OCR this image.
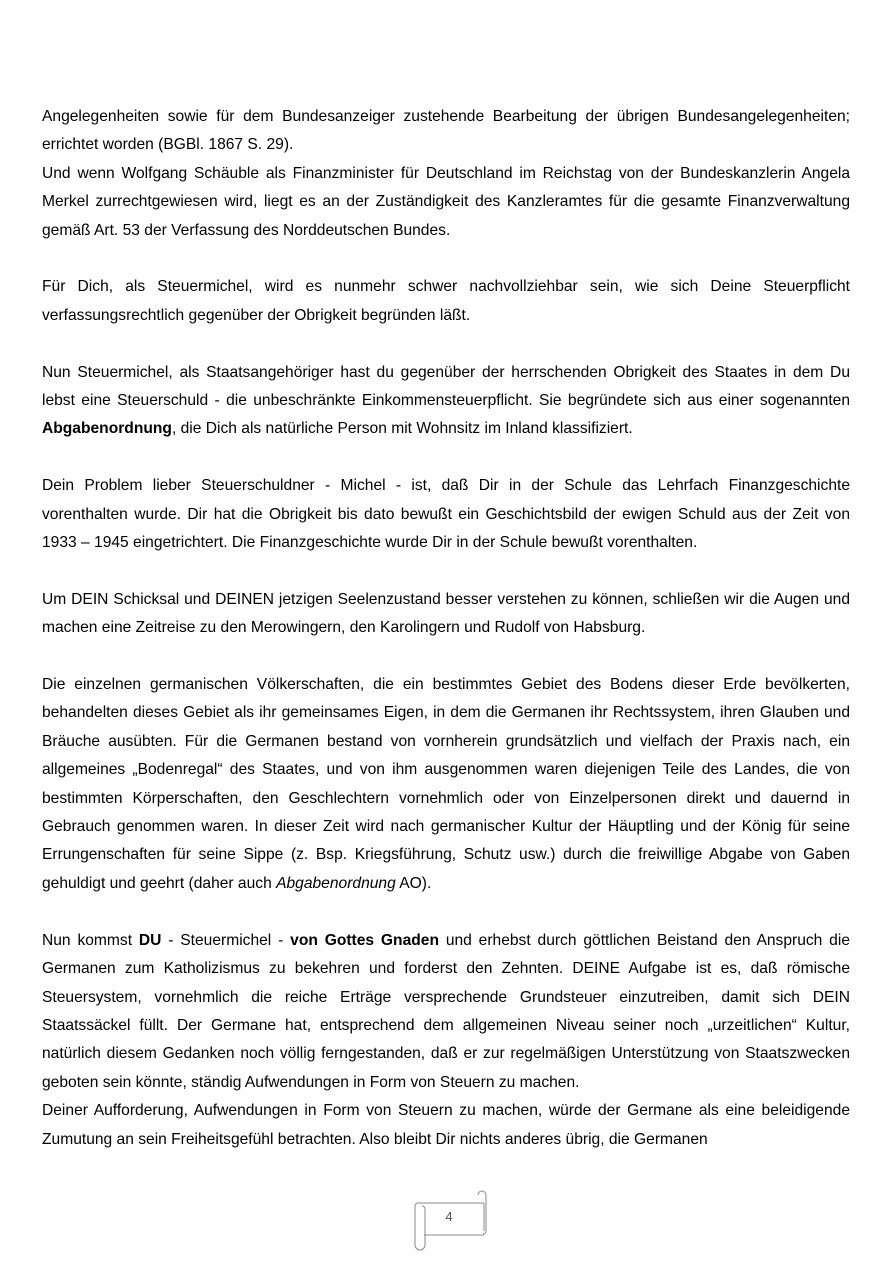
Angelegenheiten sowie für dem Bundesanzeiger zustehende Bearbeitung der übrigen Bundesangelegenheiten; errichtet worden (BGBl. 1867 S. 29).

Und wenn Wolfgang Schäuble als Finanzminister für Deutschland im Reichstag von der Bundeskanzlerin Angela Merkel zurrechtgewiesen wird, liegt es an der Zuständigkeit des Kanzleramtes für die gesamte Finanzverwaltung gemäß Art. 53 der Verfassung des Norddeutschen Bundes.

Für Dich, als Steuermichel, wird es nunmehr schwer nachvollziehbar sein, wie sich Deine Steuerpflicht verfassungsrechtlich gegenüber der Obrigkeit begründen läßt.

Nun Steuermichel, als Staatsangehöriger hast du gegenüber der herrschenden Obrigkeit des Staates in dem Du lebst eine Steuerschuld - die unbeschränkte Einkommensteuerpflicht. Sie begründete sich aus einer sogenannten Abgabenordnung, die Dich als natürliche Person mit Wohnsitz im Inland klassifiziert.

Dein Problem lieber Steuerschuldner - Michel - ist, daß Dir in der Schule das Lehrfach Finanzgeschichte vorenthalten wurde. Dir hat die Obrigkeit bis dato bewußt ein Geschichtsbild der ewigen Schuld aus der Zeit von 1933 – 1945 eingetrichtert. Die Finanzgeschichte wurde Dir in der Schule bewußt vorenthalten.

Um DEIN Schicksal und DEINEN jetzigen Seelenzustand besser verstehen zu können, schließen wir die Augen und machen eine Zeitreise zu den Merowingern, den Karolingern und Rudolf von Habsburg.

Die einzelnen germanischen Völkerschaften, die ein bestimmtes Gebiet des Bodens dieser Erde bevölkerten, behandelten dieses Gebiet als ihr gemeinsames Eigen, in dem die Germanen ihr Rechtssystem, ihren Glauben und Bräuche ausübten. Für die Germanen bestand von vornherein grundsätzlich und vielfach der Praxis nach, ein allgemeines „Bodenregal“ des Staates, und von ihm ausgenommen waren diejenigen Teile des Landes, die von bestimmten Körperschaften, den Geschlechtern vornehmlich oder von Einzelpersonen direkt und dauernd in Gebrauch genommen waren. In dieser Zeit wird nach germanischer Kultur der Häuptling und der König für seine Errungenschaften für seine Sippe (z. Bsp. Kriegsführung, Schutz usw.) durch die freiwillige Abgabe von Gaben gehuldigt und geehrt (daher auch Abgabenordnung AO).

Nun kommst DU - Steuermichel - von Gottes Gnaden und erhebst durch göttlichen Beistand den Anspruch die Germanen zum Katholizismus zu bekehren und forderst den Zehnten. DEINE Aufgabe ist es, daß römische Steuersystem, vornehmlich die reiche Erträge versprechende Grundsteuer einzutreiben, damit sich DEIN Staatssäckel füllt. Der Germane hat, entsprechend dem allgemeinen Niveau seiner noch „urzeitlichen“ Kultur, natürlich diesem Gedanken noch völlig ferngestanden, daß er zur regelmäßigen Unterstützung von Staatszwecken geboten sein könnte, ständig Aufwendungen in Form von Steuern zu machen.

Deiner Aufforderung, Aufwendungen in Form von Steuern zu machen, würde der Germane als eine beleidigende Zumutung an sein Freiheitsgefühl betrachten. Also bleibt Dir nichts anderes übrig, die Germanen

4
